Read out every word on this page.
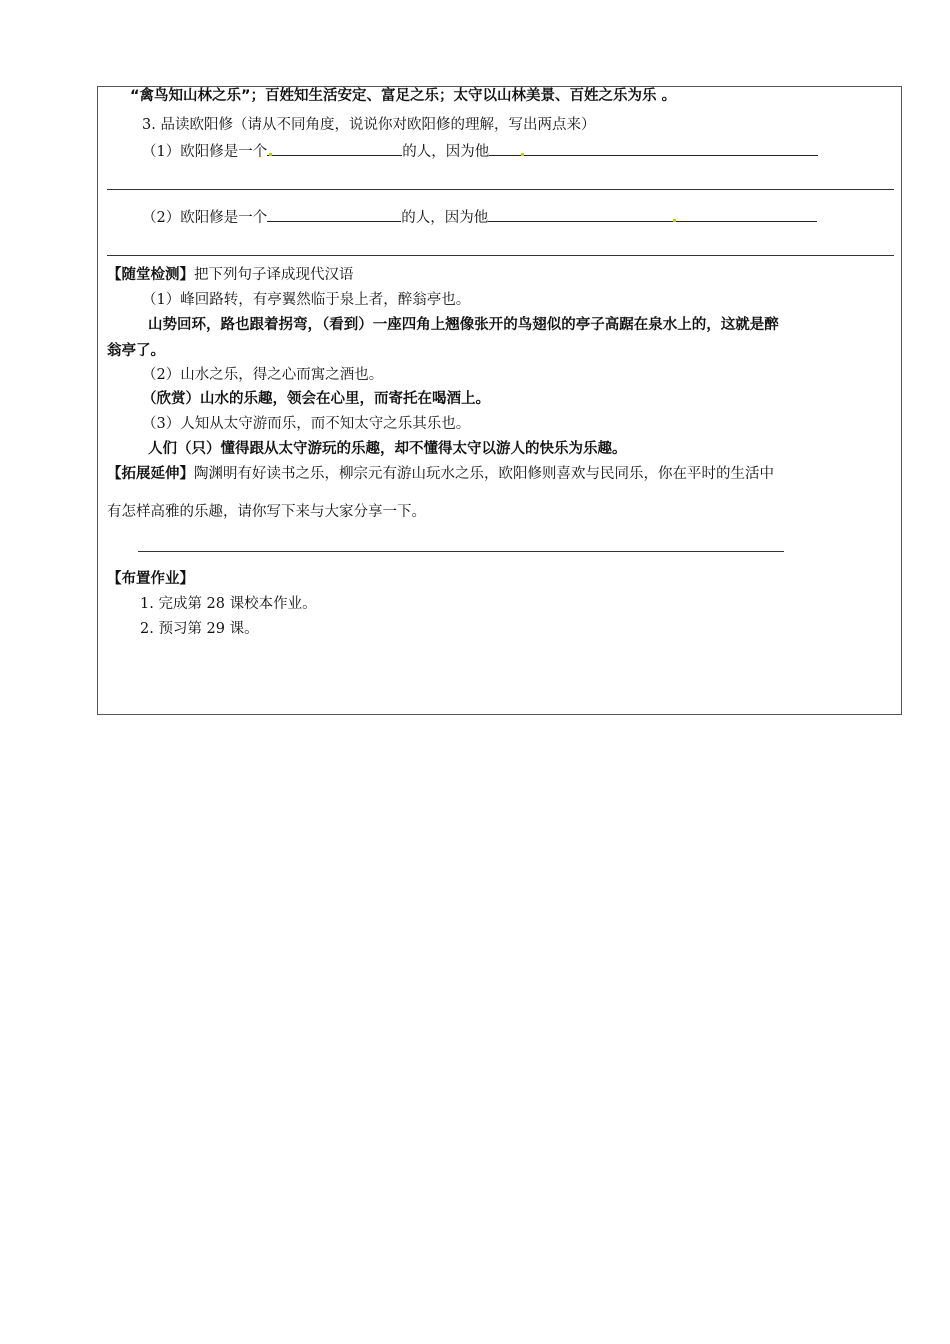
“禽鸟知山林之乐”；百姓知生活安定、富足之乐；太守以山林美景、百姓之乐为乐 。
3. 品读欧阳修（请从不同角度，说说你对欧阳修的理解，写出两点来）
（1）欧阳修是一个	的人，因为他
（2）欧阳修是一个	的人，因为他
【随堂检测】把下列句子译成现代汉语
（1）峰回路转，有亭翼然临于泉上者，醉翁亭也。
山势回环，路也跟着拐弯，（看到）一座四角上翘像张开的鸟翅似的亭子高踞在泉水上的，这就是醉
翁亭了。
（2）山水之乐，得之心而寓之酒也。
（欣赏）山水的乐趣，领会在心里，而寄托在喝酒上。
（3）人知从太守游而乐，而不知太守之乐其乐也。
人们（只）懂得跟从太守游玩的乐趣，却不懂得太守以游人的快乐为乐趣。
【拓展延伸】陶渊明有好读书之乐，柳宗元有游山玩水之乐，欧阳修则喜欢与民同乐，你在平时的生活中
有怎样高雅的乐趣，请你写下来与大家分享一下。
【布置作业】
1. 完成第 28 课校本作业。
2. 预习第 29 课。
